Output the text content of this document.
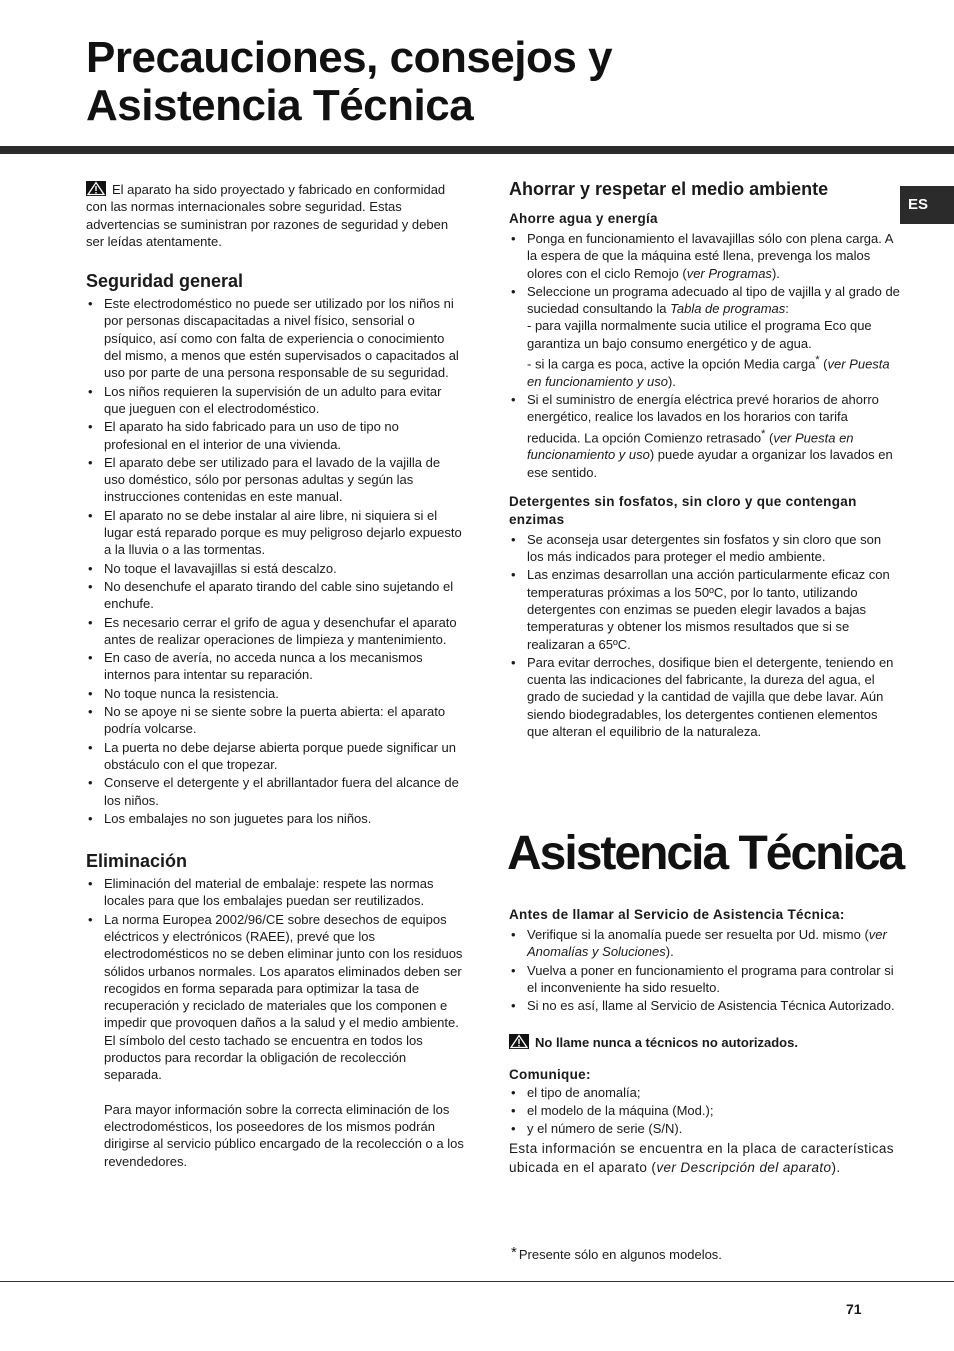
Precauciones, consejos y
Asistencia Técnica
ES

El aparato ha sido proyectado y fabricado en conformidad con las normas internacionales sobre seguridad. Estas advertencias se suministran por razones de seguridad y deben ser leídas atentamente.

Seguridad general
• Este electrodoméstico no puede ser utilizado por los niños ni por personas discapacitadas a nivel físico, sensorial o psíquico, así como con falta de experiencia o conocimiento del mismo, a menos que estén supervisados o capacitados al uso por parte de una persona responsable de su seguridad.
• Los niños requieren la supervisión de un adulto para evitar que jueguen con el electrodoméstico.
• El aparato ha sido fabricado para un uso de tipo no profesional en el interior de una vivienda.
• El aparato debe ser utilizado para el lavado de la vajilla de uso doméstico, sólo por personas adultas y según las instrucciones contenidas en este manual.
• El aparato no se debe instalar al aire libre, ni siquiera si el lugar está reparado porque es muy peligroso dejarlo expuesto a la lluvia o a las tormentas.
• No toque el lavavajillas si está descalzo.
• No desenchufe el aparato tirando del cable sino sujetando el enchufe.
• Es necesario cerrar el grifo de agua y desenchufar el aparato antes de realizar operaciones de limpieza y mantenimiento.
• En caso de avería, no acceda nunca a los mecanismos internos para intentar su reparación.
• No toque nunca la resistencia.
• No se apoye ni se siente sobre la puerta abierta: el aparato podría volcarse.
• La puerta no debe dejarse abierta porque puede significar un obstáculo con el que tropezar.
• Conserve el detergente y el abrillantador fuera del alcance de los niños.
• Los embalajes no son juguetes para los niños.
Eliminación
• Eliminación del material de embalaje: respete las normas locales para que los embalajes puedan ser reutilizados.
• La norma Europea 2002/96/CE sobre desechos de equipos eléctricos y electrónicos (RAEE), prevé que los electrodomésticos no se deben eliminar junto con los residuos sólidos urbanos normales. Los aparatos eliminados deben ser recogidos en forma separada para optimizar la tasa de recuperación y reciclado de materiales que los componen e impedir que provoquen daños a la salud y el medio ambiente. El símbolo del cesto tachado se encuentra en todos los productos para recordar la obligación de recolección separada.

Para mayor información sobre la correcta eliminación de los electrodomésticos, los poseedores de los mismos podrán dirigirse al servicio público encargado de la recolección o a los revendedores.

Ahorrar y respetar el medio ambiente
Ahorre agua y energía
• Ponga en funcionamiento el lavavajillas sólo con plena carga. A la espera de que la máquina esté llena, prevenga los malos olores con el ciclo Remojo (ver Programas).
• Seleccione un programa adecuado al tipo de vajilla y al grado de suciedad consultando la Tabla de programas:
- para vajilla normalmente sucia utilice el programa Eco que garantiza un bajo consumo energético y de agua.
- si la carga es poca, active la opción Media carga* (ver Puesta en funcionamiento y uso).
• Si el suministro de energía eléctrica prevé horarios de ahorro energético, realice los lavados en los horarios con tarifa reducida. La opción Comienzo retrasado* (ver Puesta en funcionamiento y uso) puede ayudar a organizar los lavados en ese sentido.
Detergentes sin fosfatos, sin cloro y que contengan enzimas
• Se aconseja usar detergentes sin fosfatos y sin cloro que son los más indicados para proteger el medio ambiente.
• Las enzimas desarrollan una acción particularmente eficaz con temperaturas próximas a los 50ºC, por lo tanto, utilizando detergentes con enzimas se pueden elegir lavados a bajas temperaturas y obtener los mismos resultados que si se realizaran a 65ºC.
• Para evitar derroches, dosifique bien el detergente, teniendo en cuenta las indicaciones del fabricante, la dureza del agua, el grado de suciedad y la cantidad de vajilla que debe lavar. Aún siendo biodegradables, los detergentes contienen elementos que alteran el equilibrio de la naturaleza.
Asistencia Técnica
Antes de llamar al Servicio de Asistencia Técnica:
• Verifique si la anomalía puede ser resuelta por Ud. mismo (ver Anomalías y Soluciones).
• Vuelva a poner en funcionamiento el programa para controlar si el inconveniente ha sido resuelto.
• Si no es así, llame al Servicio de Asistencia Técnica Autorizado.
No llame nunca a técnicos no autorizados.
Comunique:
• el tipo de anomalía;
• el modelo de la máquina (Mod.);
• y el número de serie (S/N).

Esta información se encuentra en la placa de características ubicada en el aparato (ver Descripción del aparato).

* Presente sólo en algunos modelos.
71
